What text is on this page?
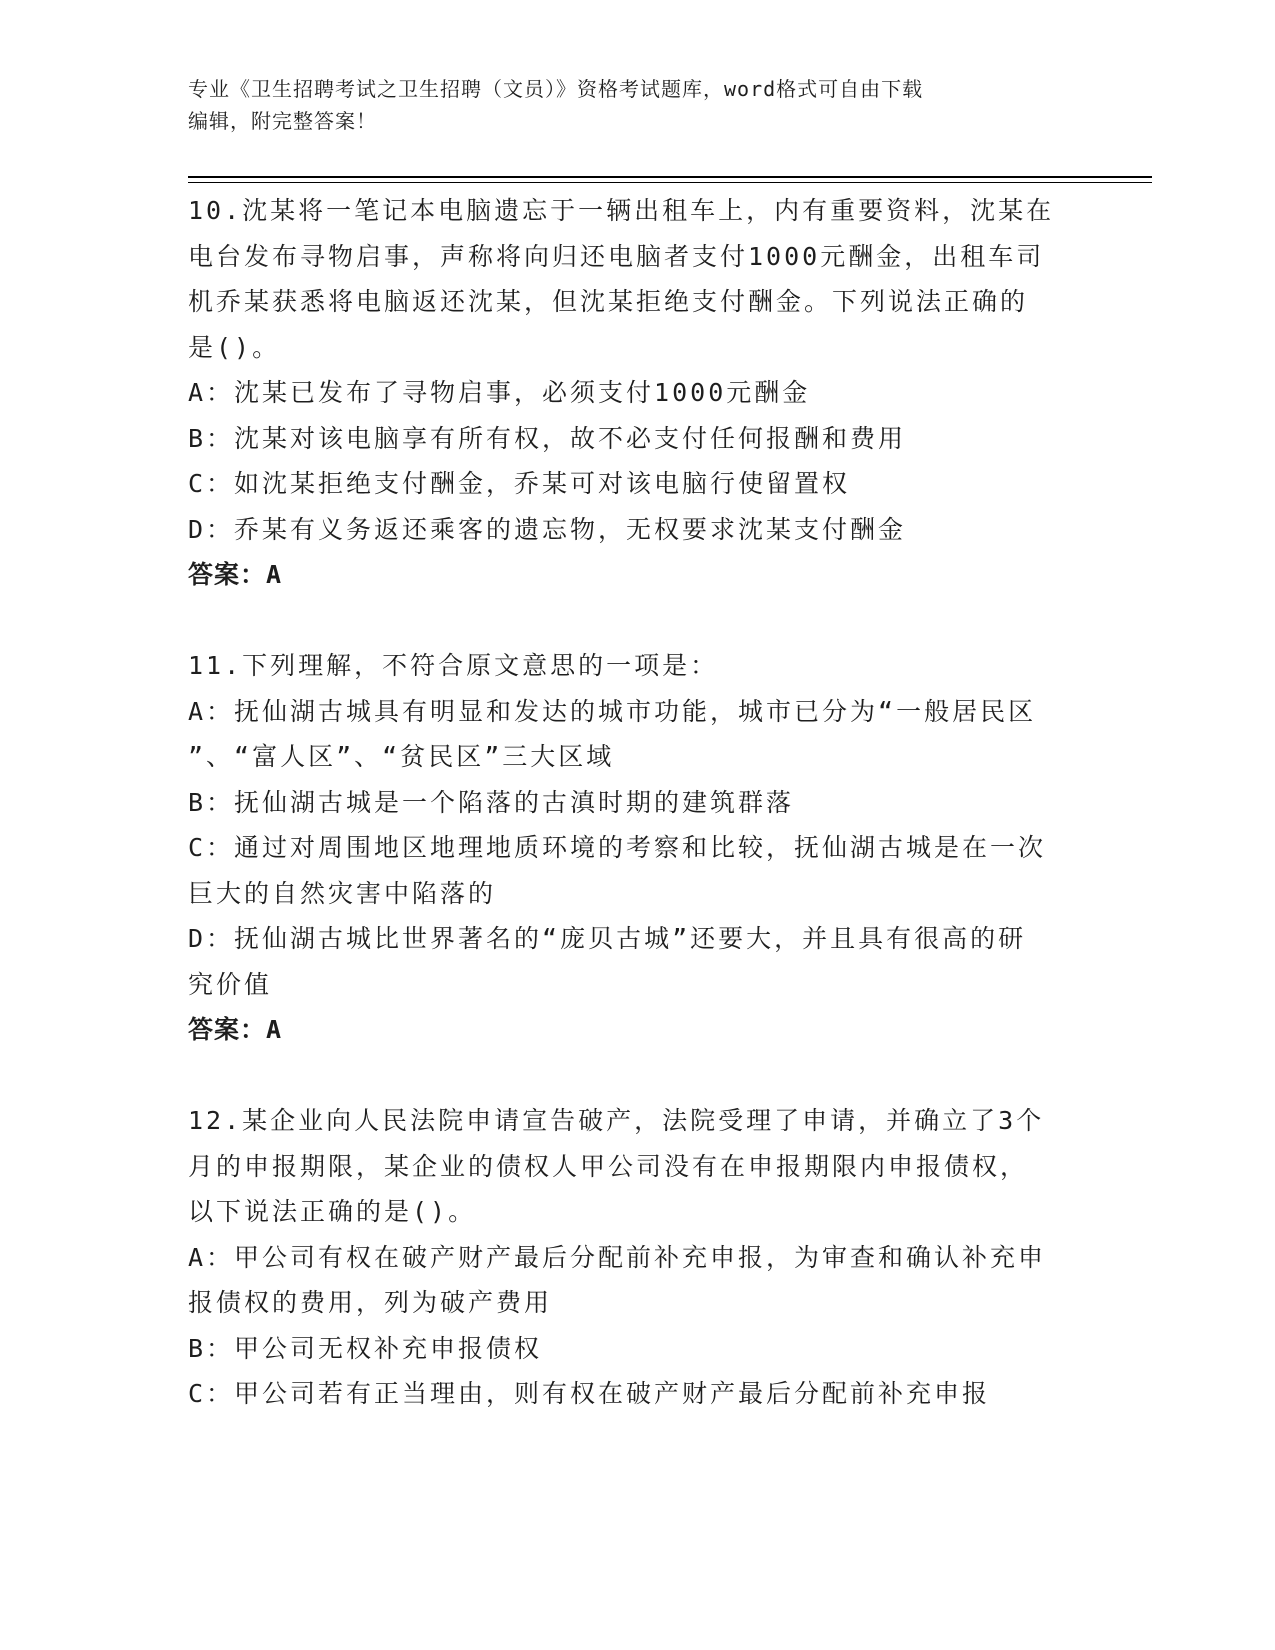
专业《卫生招聘考试之卫生招聘（文员）》资格考试题库，word格式可自由下载
编辑，附完整答案！
10.沈某将一笔记本电脑遗忘于一辆出租车上，内有重要资料，沈某在
电台发布寻物启事，声称将向归还电脑者支付1000元酬金，出租车司
机乔某获悉将电脑返还沈某，但沈某拒绝支付酬金。下列说法正确的
是()。
A：沈某已发布了寻物启事，必须支付1000元酬金
B：沈某对该电脑享有所有权，故不必支付任何报酬和费用
C：如沈某拒绝支付酬金，乔某可对该电脑行使留置权
D：乔某有义务返还乘客的遗忘物，无权要求沈某支付酬金
答案：A
11.下列理解，不符合原文意思的一项是：
A：抚仙湖古城具有明显和发达的城市功能，城市已分为“一般居民区
”、“富人区”、“贫民区”三大区域
B：抚仙湖古城是一个陷落的古滇时期的建筑群落
C：通过对周围地区地理地质环境的考察和比较，抚仙湖古城是在一次
巨大的自然灾害中陷落的
D：抚仙湖古城比世界著名的“庞贝古城”还要大，并且具有很高的研
究价值
答案：A
12.某企业向人民法院申请宣告破产，法院受理了申请，并确立了3个
月的申报期限，某企业的债权人甲公司没有在申报期限内申报债权，
以下说法正确的是()。
A：甲公司有权在破产财产最后分配前补充申报，为审查和确认补充申
报债权的费用，列为破产费用
B：甲公司无权补充申报债权
C：甲公司若有正当理由，则有权在破产财产最后分配前补充申报
